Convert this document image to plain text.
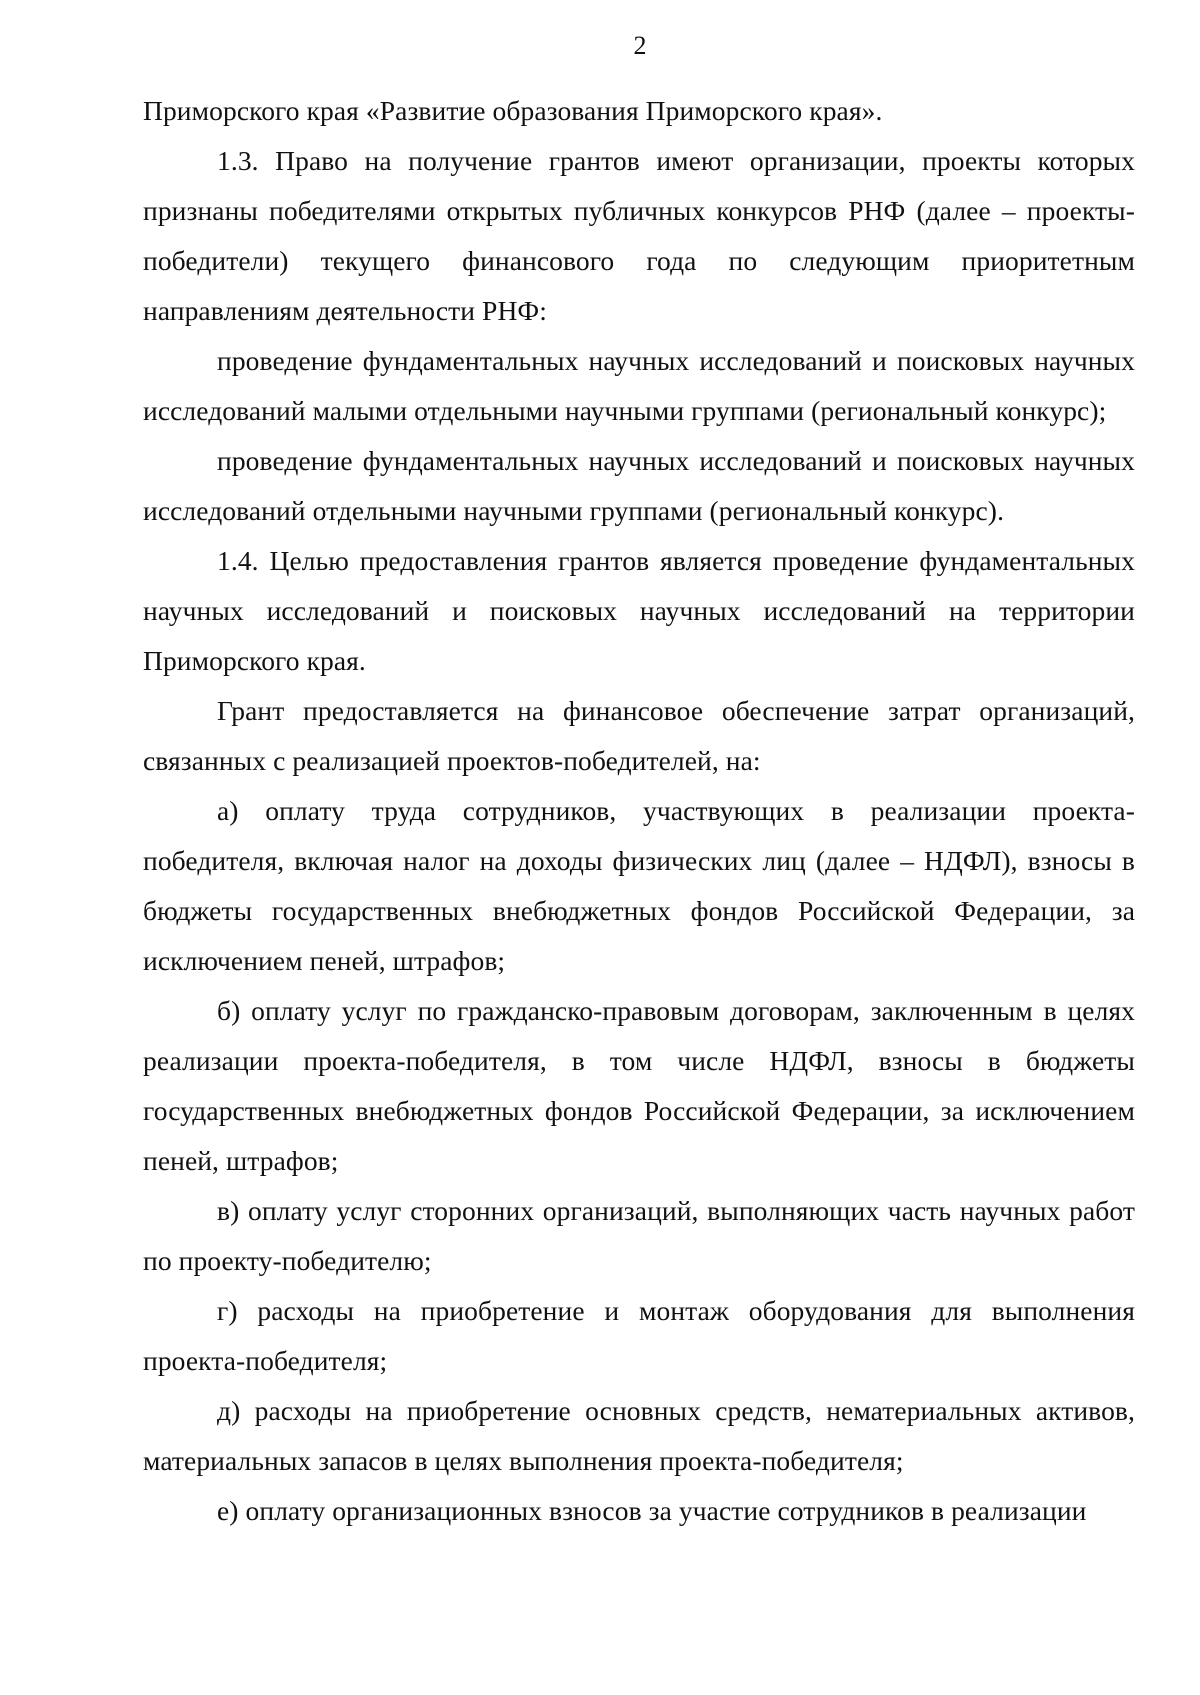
2

Приморского края «Развитие образования Приморского края».

1.3. Право на получение грантов имеют организации, проекты которых признаны победителями открытых публичных конкурсов РНФ (далее – проекты-победители) текущего финансового года по следующим приоритетным направлениям деятельности РНФ:

проведение фундаментальных научных исследований и поисковых научных исследований малыми отдельными научными группами (региональный конкурс);

проведение фундаментальных научных исследований и поисковых научных исследований отдельными научными группами (региональный конкурс).

1.4. Целью предоставления грантов является проведение фундаментальных научных исследований и поисковых научных исследований на территории Приморского края.

Грант предоставляется на финансовое обеспечение затрат организаций, связанных с реализацией проектов-победителей, на:

а) оплату труда сотрудников, участвующих в реализации проекта-победителя, включая налог на доходы физических лиц (далее – НДФЛ), взносы в бюджеты государственных внебюджетных фондов Российской Федерации, за исключением пеней, штрафов;

б) оплату услуг по гражданско-правовым договорам, заключенным в целях реализации проекта-победителя, в том числе НДФЛ, взносы в бюджеты государственных внебюджетных фондов Российской Федерации, за исключением пеней, штрафов;

в) оплату услуг сторонних организаций, выполняющих часть научных работ по проекту-победителю;

г) расходы на приобретение и монтаж оборудования для выполнения проекта-победителя;

д) расходы на приобретение основных средств, нематериальных активов, материальных запасов в целях выполнения проекта-победителя;

е) оплату организационных взносов за участие сотрудников в реализации
